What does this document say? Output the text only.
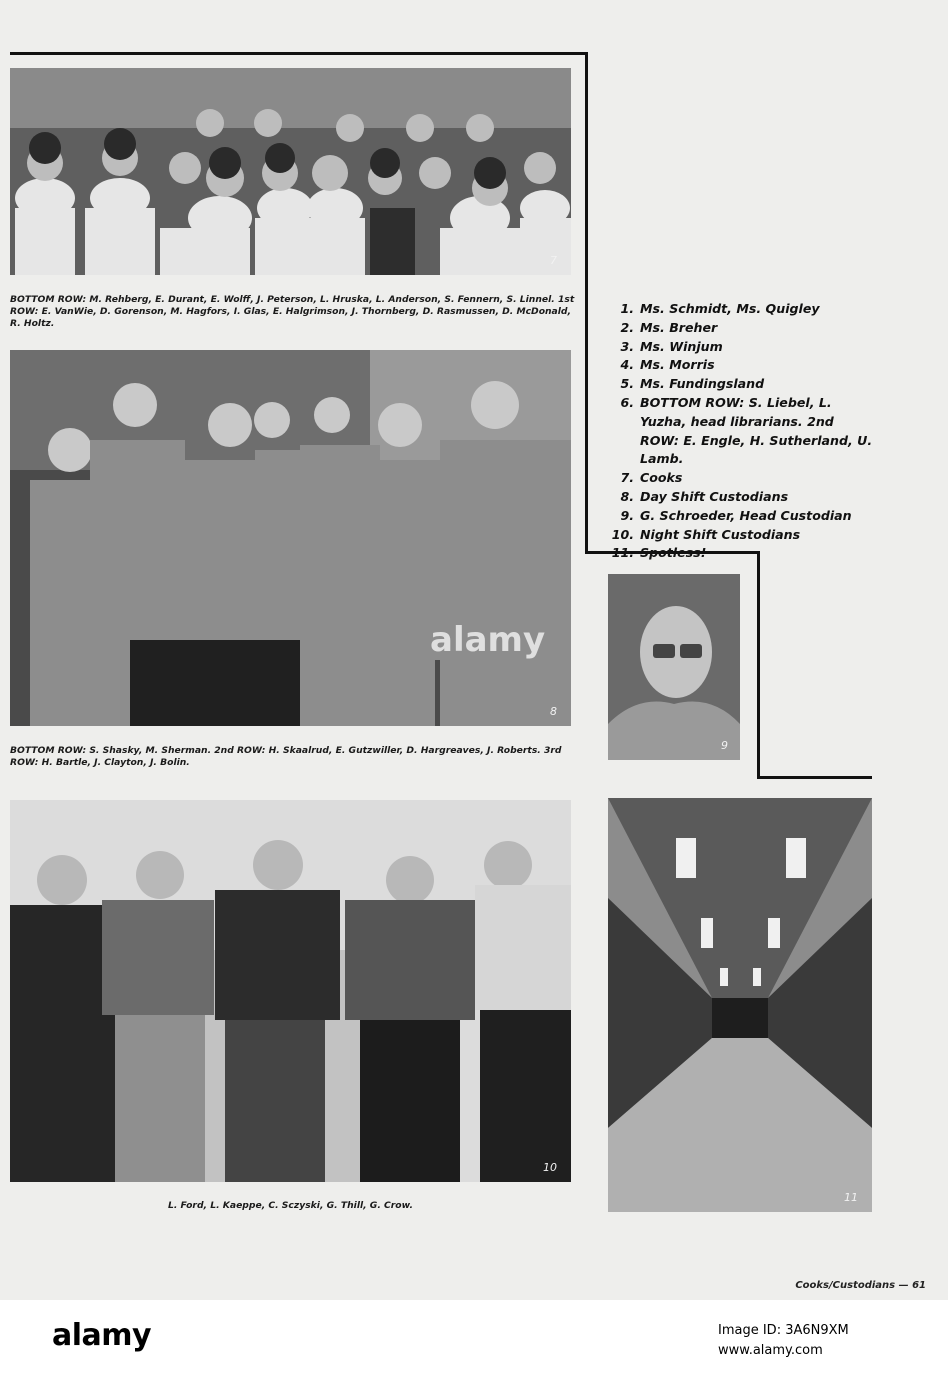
7
BOTTOM ROW: M. Rehberg, E. Durant, E. Wolff, J. Peterson, L. Hruska, L. Anderson, S. Fennern, S. Linnel. 1st ROW: E. VanWie, D. Gorenson, M. Hagfors, I. Glas, E. Halgrimson, J. Thornberg, D. Rasmussen, D. McDonald, R. Holtz.
8
alamy
BOTTOM ROW: S. Shasky, M. Sherman. 2nd ROW: H. Skaalrud, E. Gutzwiller, D. Hargreaves, J. Roberts. 3rd ROW: H. Bartle, J. Clayton, J. Bolin.
10
L. Ford, L. Kaeppe, C. Sczyski, G. Thill, G. Crow.
1. Ms. Schmidt, Ms. Quigley
2. Ms. Breher
3. Ms. Winjum
4. Ms. Morris
5. Ms. Fundingsland
6. BOTTOM ROW: S. Liebel, L. Yuzha, head librarians. 2nd ROW: E. Engle, H. Sutherland, U. Lamb.
7. Cooks
8. Day Shift Custodians
9. G. Schroeder, Head Custodian
10. Night Shift Custodians
11. Spotless!
9
11
Cooks/Custodians — 61
alamy	Image ID: 3A6N9XM
www.alamy.com
